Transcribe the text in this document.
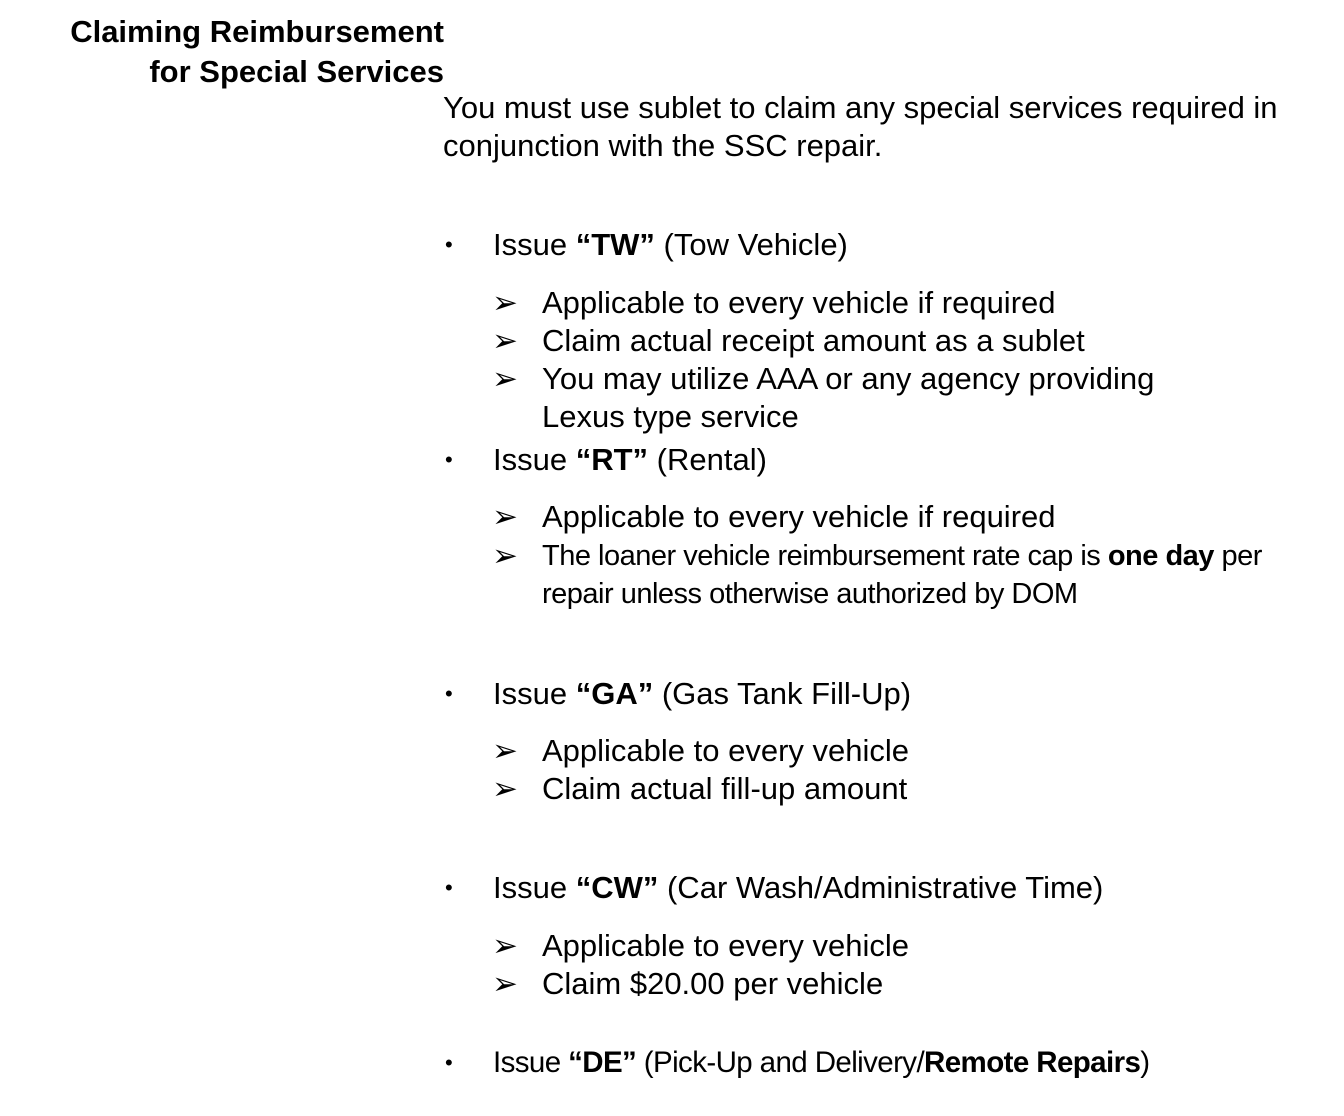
Claiming Reimbursement
for Special Services
You must use sublet to claim any special services required in conjunction with the SSC repair.
• Issue “TW” (Tow Vehicle)
➢ Applicable to every vehicle if required
➢ Claim actual receipt amount as a sublet
➢ You may utilize AAA or any agency providing Lexus type service
• Issue “RT” (Rental)
➢ Applicable to every vehicle if required
➢ The loaner vehicle reimbursement rate cap is one day per repair unless otherwise authorized by DOM
• Issue “GA” (Gas Tank Fill-Up)
➢ Applicable to every vehicle
➢ Claim actual fill-up amount
• Issue “CW” (Car Wash/Administrative Time)
➢ Applicable to every vehicle
➢ Claim $20.00 per vehicle
• Issue “DE” (Pick-Up and Delivery/Remote Repairs)
